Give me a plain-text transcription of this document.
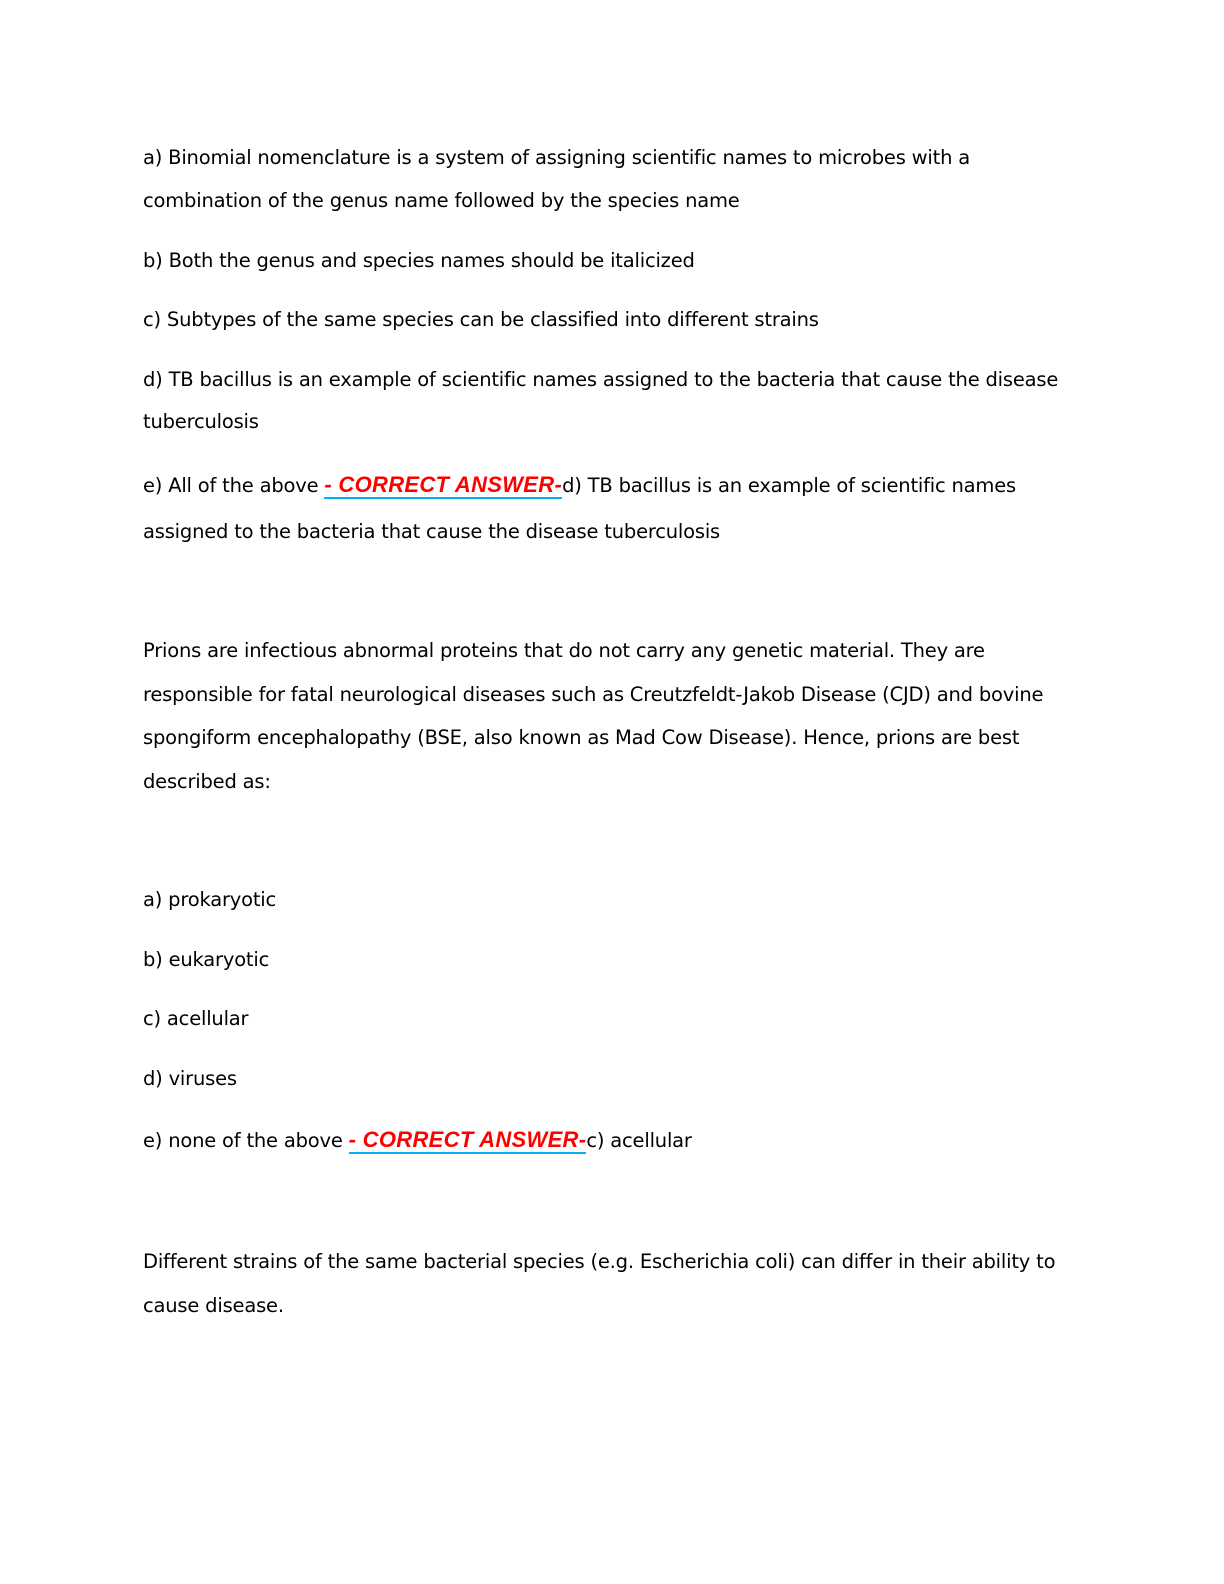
a) Binomial nomenclature is a system of assigning scientific names to microbes with a
combination of the genus name followed by the species name
b) Both the genus and species names should be italicized
c) Subtypes of the same species can be classified into different strains
d) TB bacillus is an example of scientific names assigned to the bacteria that cause the disease
tuberculosis
e) All of the above - CORRECT ANSWER-d) TB bacillus is an example of scientific names
assigned to the bacteria that cause the disease tuberculosis
Prions are infectious abnormal proteins that do not carry any genetic material. They are
responsible for fatal neurological diseases such as Creutzfeldt-Jakob Disease (CJD) and bovine
spongiform encephalopathy (BSE, also known as Mad Cow Disease). Hence, prions are best
described as:
a) prokaryotic
b) eukaryotic
c) acellular
d) viruses
e) none of the above - CORRECT ANSWER-c) acellular
Different strains of the same bacterial species (e.g. Escherichia coli) can differ in their ability to
cause disease.
